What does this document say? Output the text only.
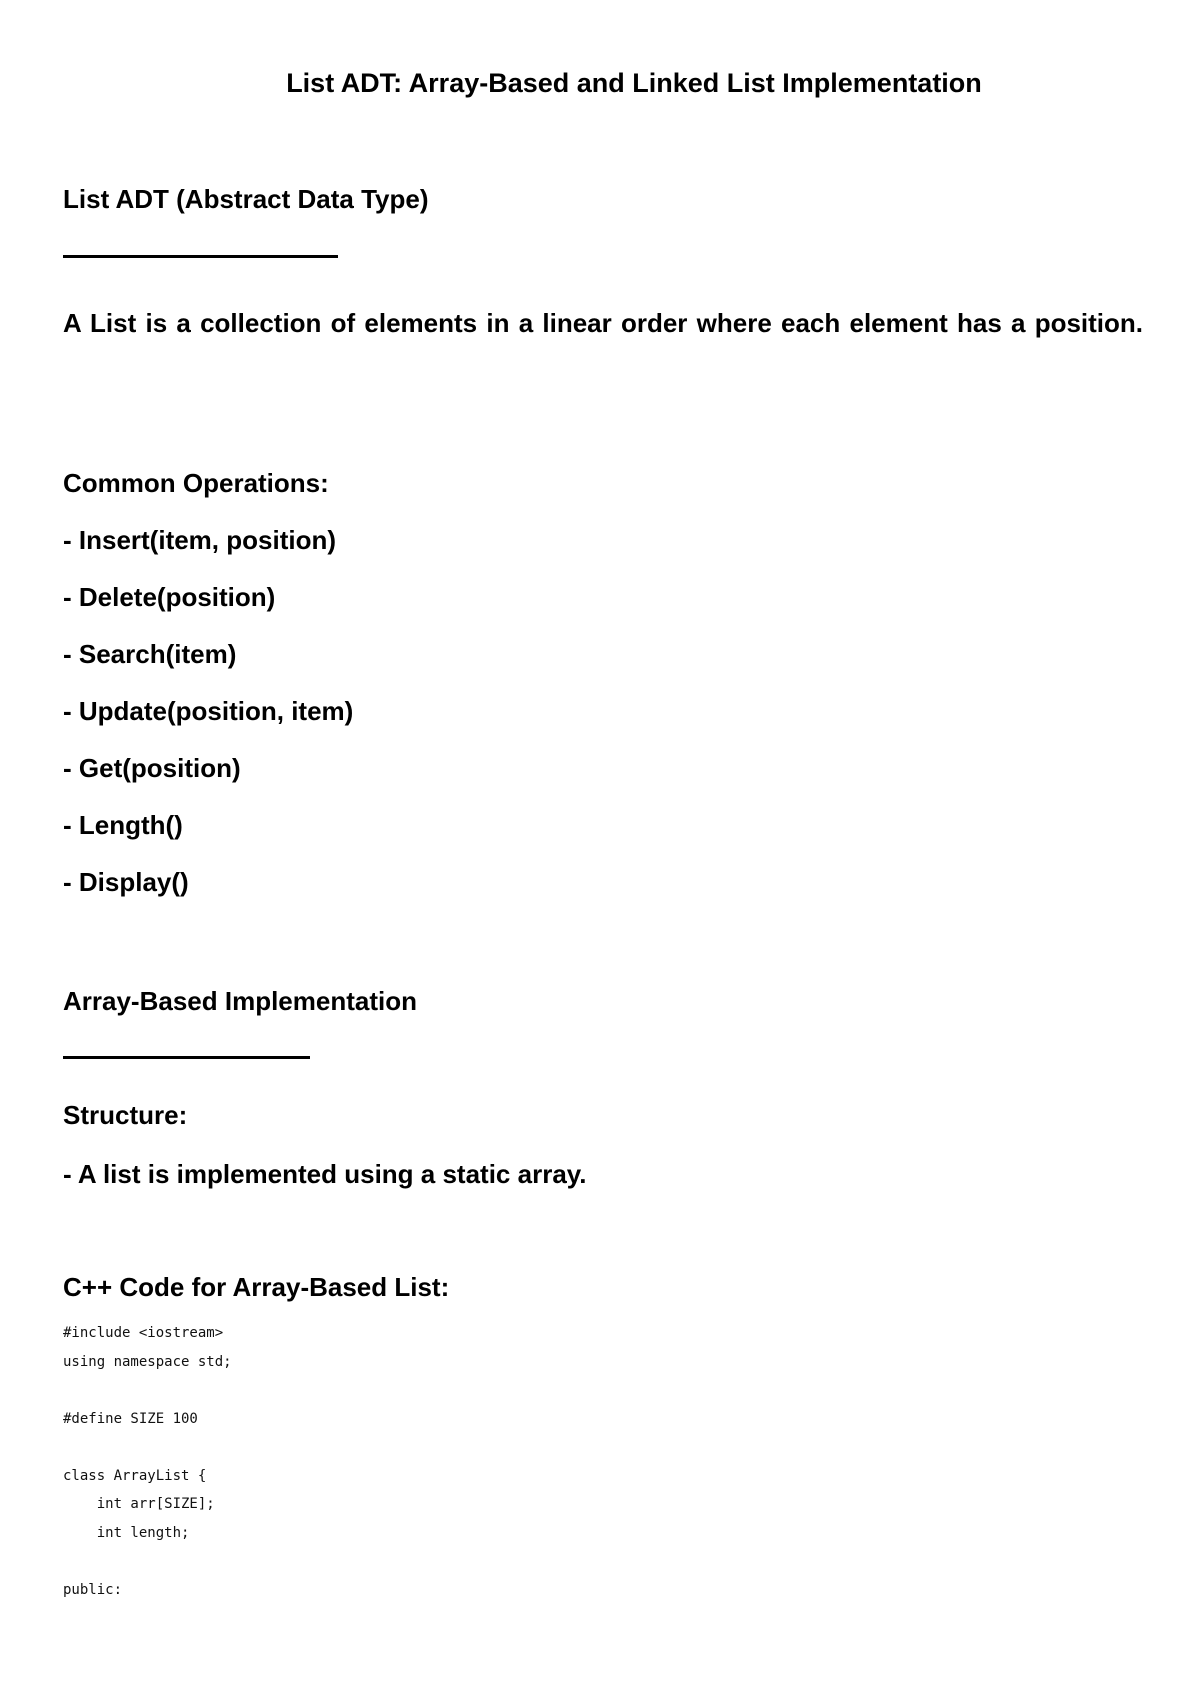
List ADT: Array-Based and Linked List Implementation
List ADT (Abstract Data Type)
A List is a collection of elements in a linear order where each element has a position.
Common Operations:
- Insert(item, position)
- Delete(position)
- Search(item)
- Update(position, item)
- Get(position)
- Length()
- Display()
Array-Based Implementation
Structure:
- A list is implemented using a static array.
C++ Code for Array-Based List:
#include <iostream>
using namespace std;
#define SIZE 100
class ArrayList {
int arr[SIZE];
int length;
public:
